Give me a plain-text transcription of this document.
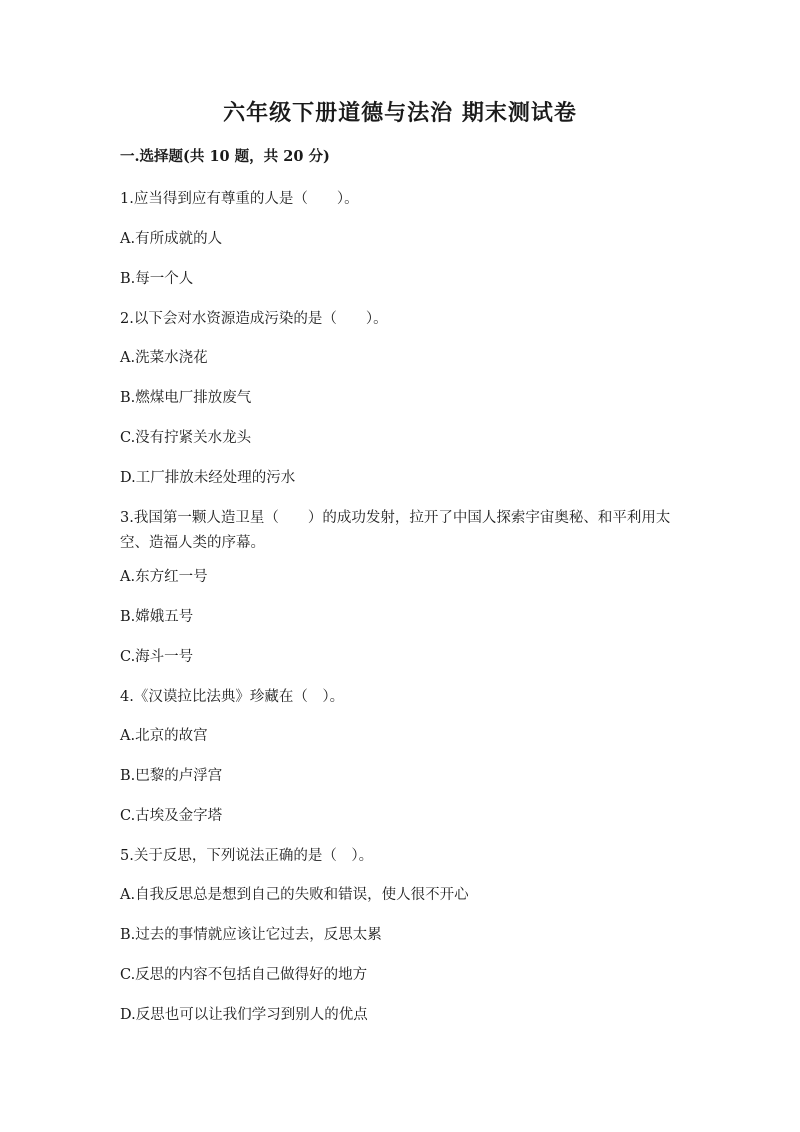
六年级下册道德与法治 期末测试卷
一.选择题(共 10 题，共 20 分)
1.应当得到应有尊重的人是（　　）。
A.有所成就的人
B.每一个人
2.以下会对水资源造成污染的是（　　）。
A.洗菜水浇花
B.燃煤电厂排放废气
C.没有拧紧关水龙头
D.工厂排放未经处理的污水
3.我国第一颗人造卫星（　　）的成功发射，拉开了中国人探索宇宙奥秘、和平利用太空、造福人类的序幕。
A.东方红一号
B.嫦娥五号
C.海斗一号
4.《汉谟拉比法典》珍藏在（　）。
A.北京的故宫
B.巴黎的卢浮宫
C.古埃及金字塔
5.关于反思，下列说法正确的是（　）。
A.自我反思总是想到自己的失败和错误，使人很不开心
B.过去的事情就应该让它过去，反思太累
C.反思的内容不包括自己做得好的地方
D.反思也可以让我们学习到别人的优点
